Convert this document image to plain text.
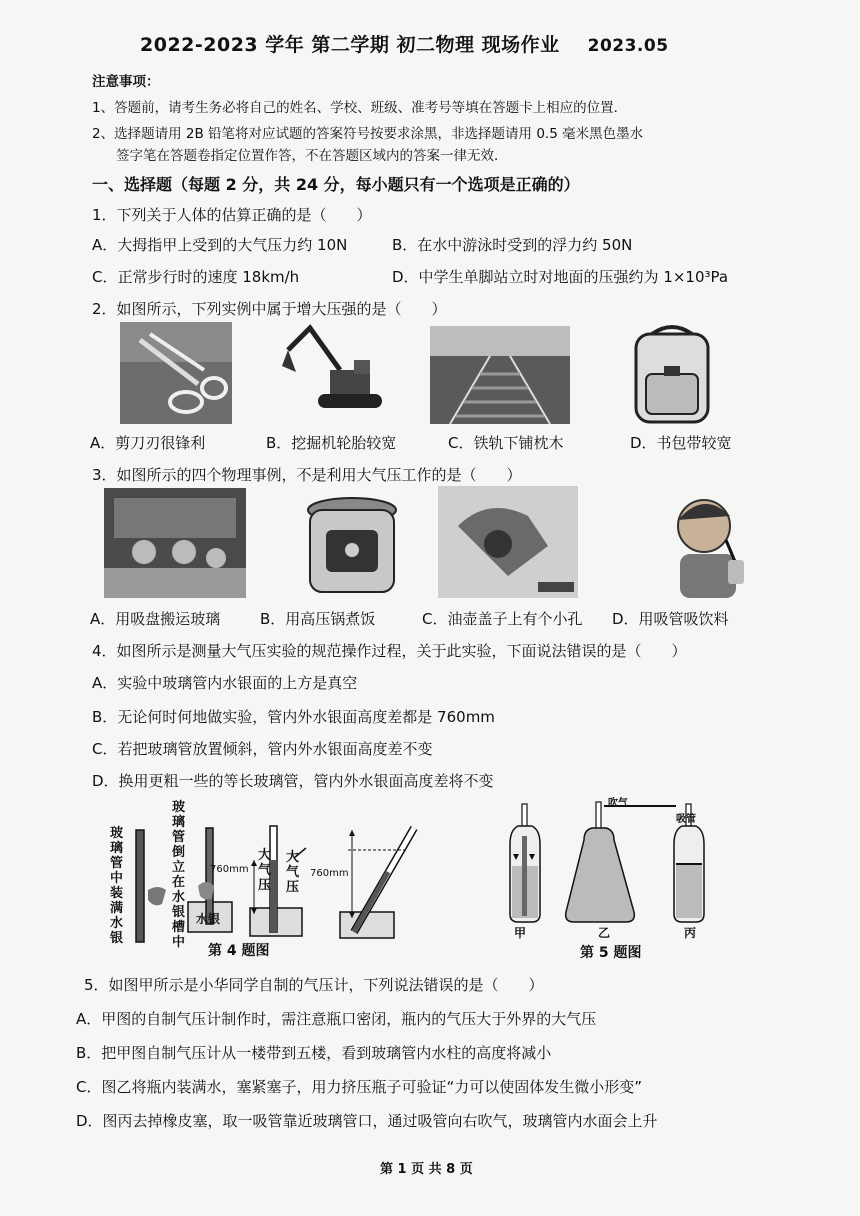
2022-2023 学年 第二学期 初二物理 现场作业 2023.05
注意事项：
1、答题前，请考生务必将自己的姓名、学校、班级、准考号等填在答题卡上相应的位置．
2、选择题请用 2B 铅笔将对应试题的答案符号按要求涂黑，非选择题请用 0.5 毫米黑色墨水
签字笔在答题卷指定位置作答，不在答题区域内的答案一律无效．
一、选择题（每题 2 分，共 24 分，每小题只有一个选项是正确的）
1．下列关于人体的估算正确的是（　　）
A．大拇指甲上受到的大气压力约 10N	B．在水中游泳时受到的浮力约 50N
C．正常步行时的速度 18km/h	D．中学生单脚站立时对地面的压强约为 1×10³Pa
2．如图所示，下列实例中属于增大压强的是（　　）
A．剪刀刃很锋利	B．挖掘机轮胎较宽	C．铁轨下铺枕木	D．书包带较宽
3．如图所示的四个物理事例，不是利用大气压工作的是（　　）
A．用吸盘搬运玻璃	B．用高压锅煮饭	C．油壶盖子上有个小孔 D．用吸管吸饮料
4．如图所示是测量大气压实验的规范操作过程，关于此实验，下面说法错误的是（　　）
A．实验中玻璃管内水银面的上方是真空
B．无论何时何地做实验，管内外水银面高度差都是 760mm
C．若把玻璃管放置倾斜，管内外水银面高度差不变
D．换用更粗一些的等长玻璃管，管内外水银面高度差将不变
玻璃管中装满水银
玻璃管倒立在水银槽中
760mm	760mm
水银
大气压
大气压
第 4 题图
吹气
吸管
甲	乙	丙
第 5 题图
5．如图甲所示是小华同学自制的气压计，下列说法错误的是（　　）
A．甲图的自制气压计制作时，需注意瓶口密闭，瓶内的气压大于外界的大气压
B．把甲图自制气压计从一楼带到五楼，看到玻璃管内水柱的高度将减小
C．图乙将瓶内装满水，塞紧塞子，用力挤压瓶子可验证“力可以使固体发生微小形变”
D．图丙去掉橡皮塞，取一吸管靠近玻璃管口，通过吸管向右吹气，玻璃管内水面会上升
第 1 页 共 8 页
